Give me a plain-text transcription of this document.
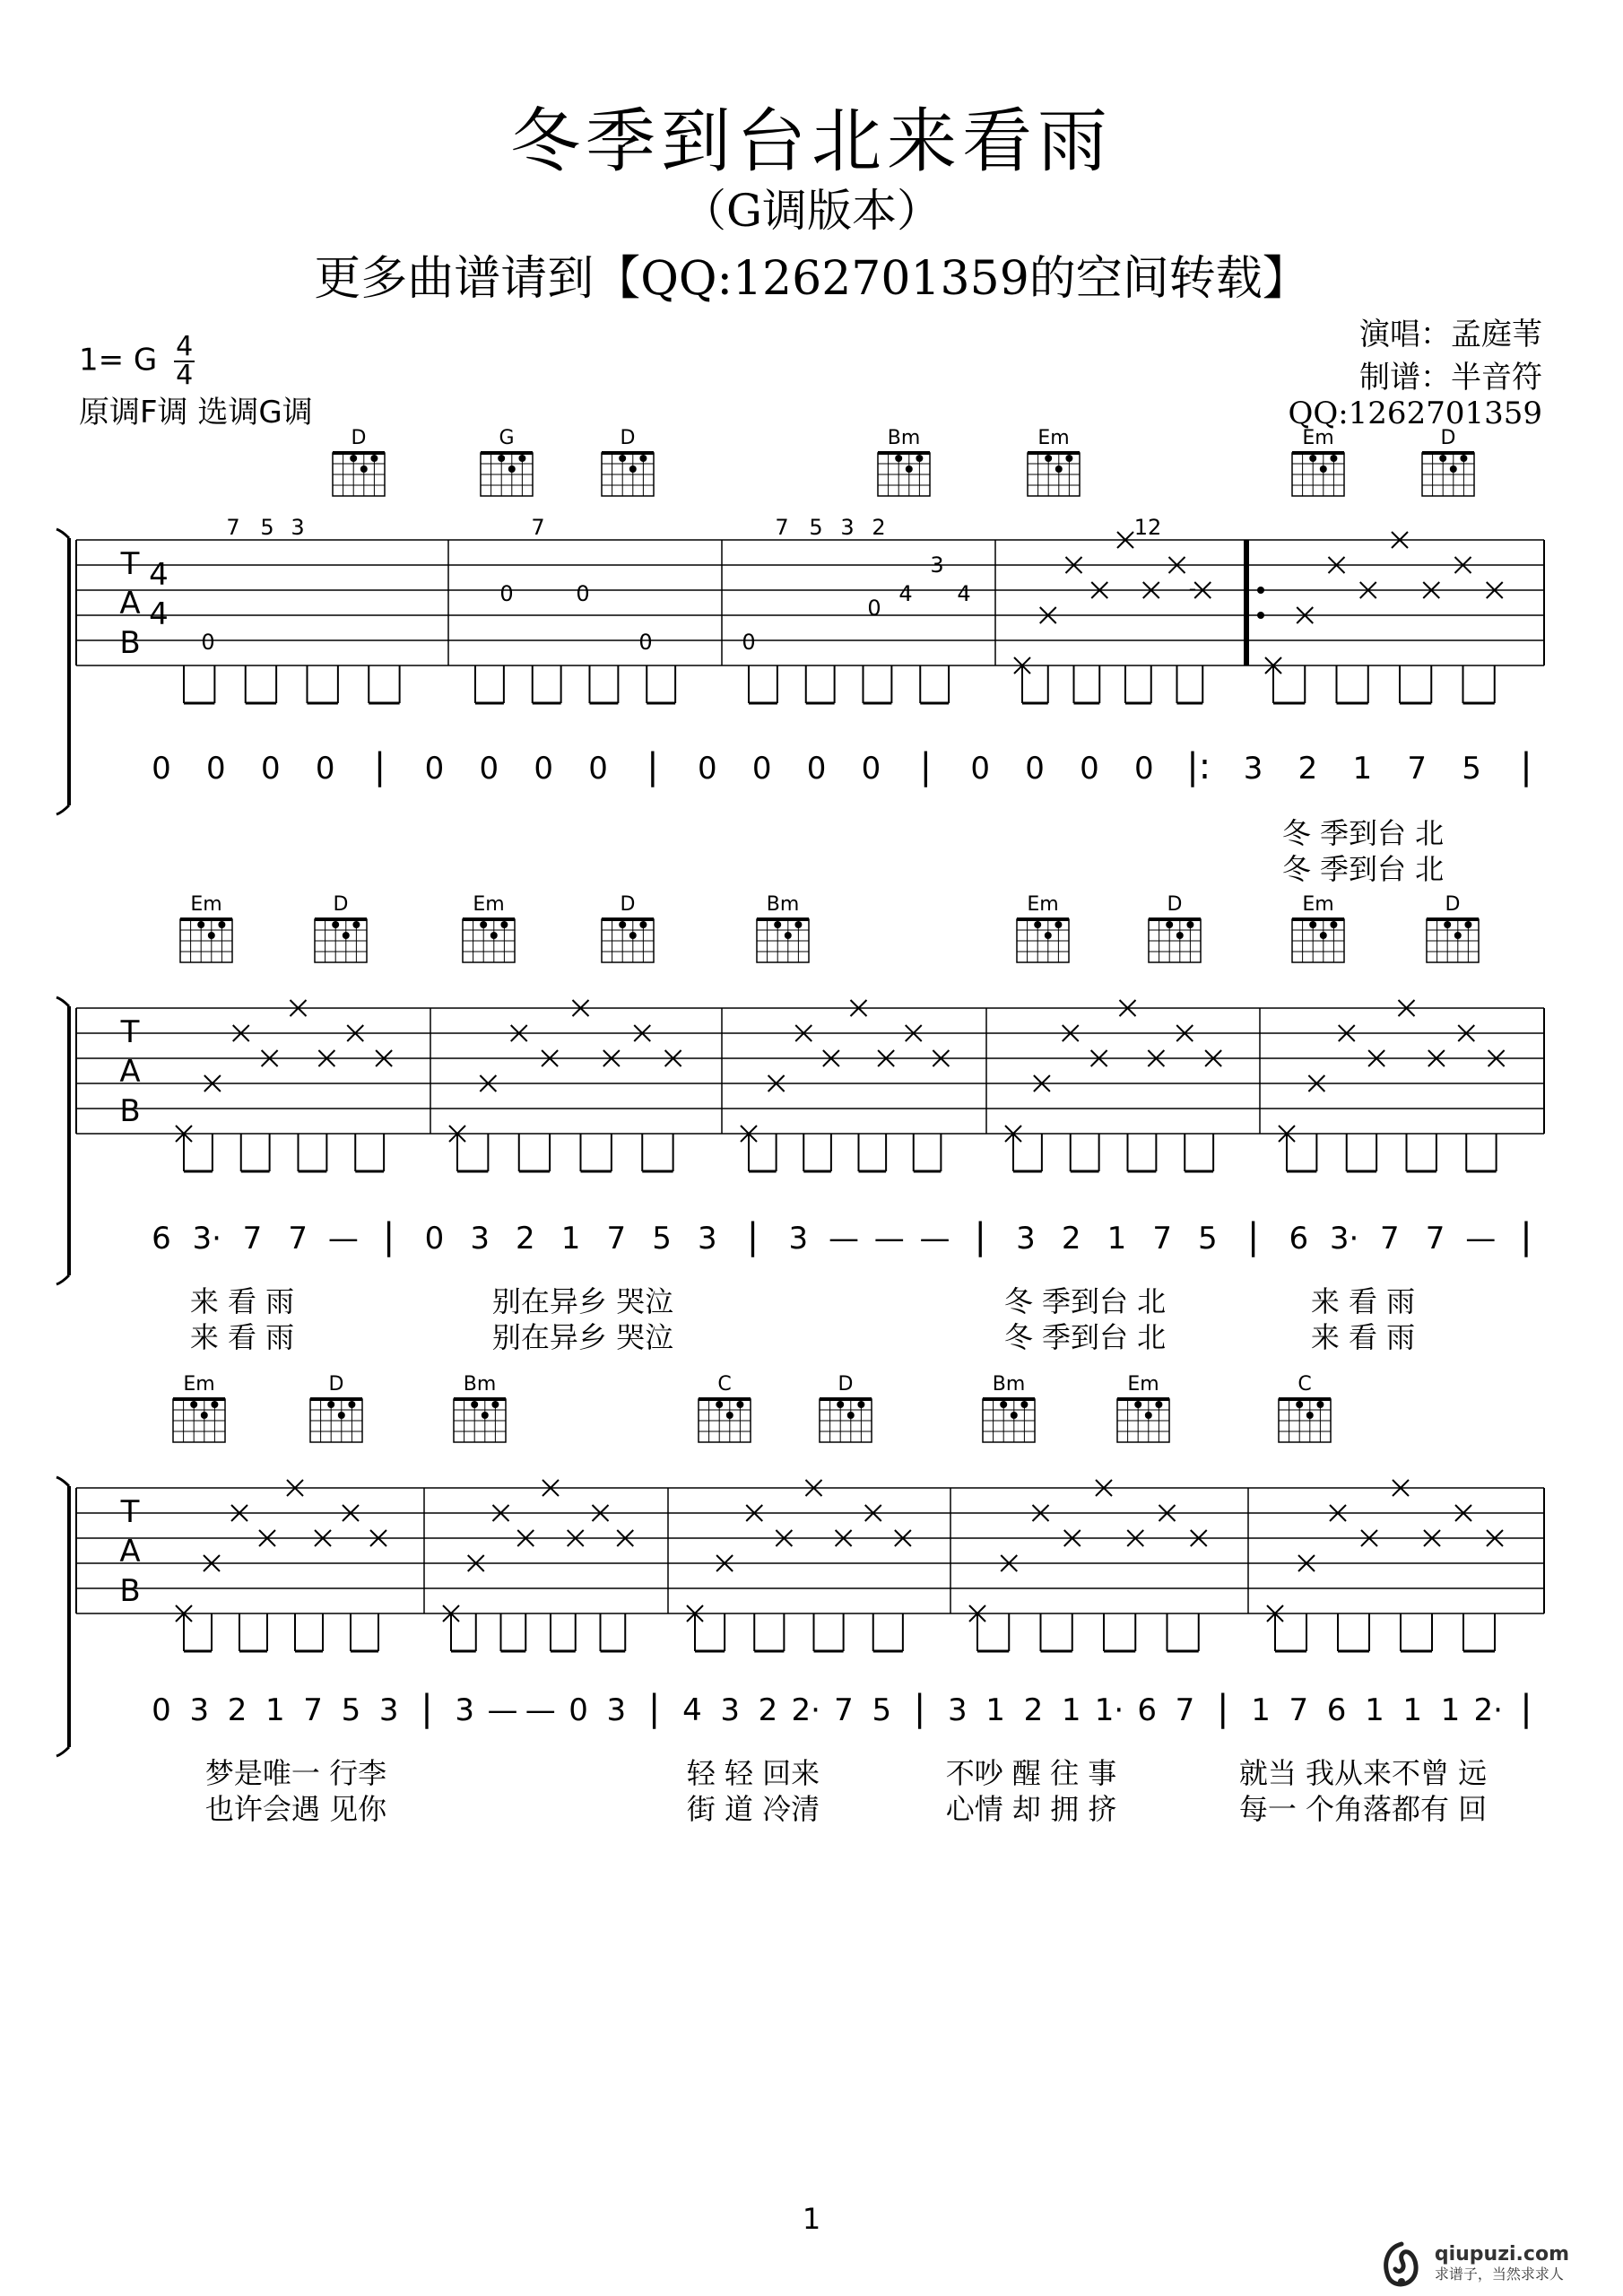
冬季到台北来看雨
（G调版本）
更多曲谱请到【QQ:1262701359的空间转载】
1= G $\frac{4}{4}$
原调F调 选调G调
演唱：孟庭苇
制谱：半音符
QQ:1262701359
D	G	D	Bm	Em	Em	D
T
A
B
7 5 3
0
0
7
0
0
7 5 3 2
3
0
4 4
0
12
-
4
4
0 0 0 0 | 0 0 0 0 | 0 0 0 0 | 0 0 0 0 |: 3 2 1 7 5 |
冬 季到台 北
冬 季到台 北
Em	D	Em	D	Bm	Em	D	Em	D
T
A
B
6 3· 7 7 — | 0 3 2 1 7 5 3 | 3 — — — | 3 2 1 7 5 | 6 3· 7 7 — |
来 看 雨	别在异乡 哭泣	冬 季到台 北	来 看 雨
来 看 雨	别在异乡 哭泣	冬 季到台 北	来 看 雨
Em	D	Bm	C	D	Bm	Em	C
T
A
B
0 3 2 1 7 5 3 | 3 — — 0 3 | 4 3 2 2· 7 5 | 3 1 2 1 1· 6 7 | 1 7 6 1 1 1 2· |
梦是唯一 行李	轻 轻 回来	不吵 醒 往 事	就当 我从来不曾 远
也许会遇 见你	街 道 冷清	心情 却 拥 挤	每一 个角落都有 回
1
qiupuzi.com
求谱子，当然求求人
